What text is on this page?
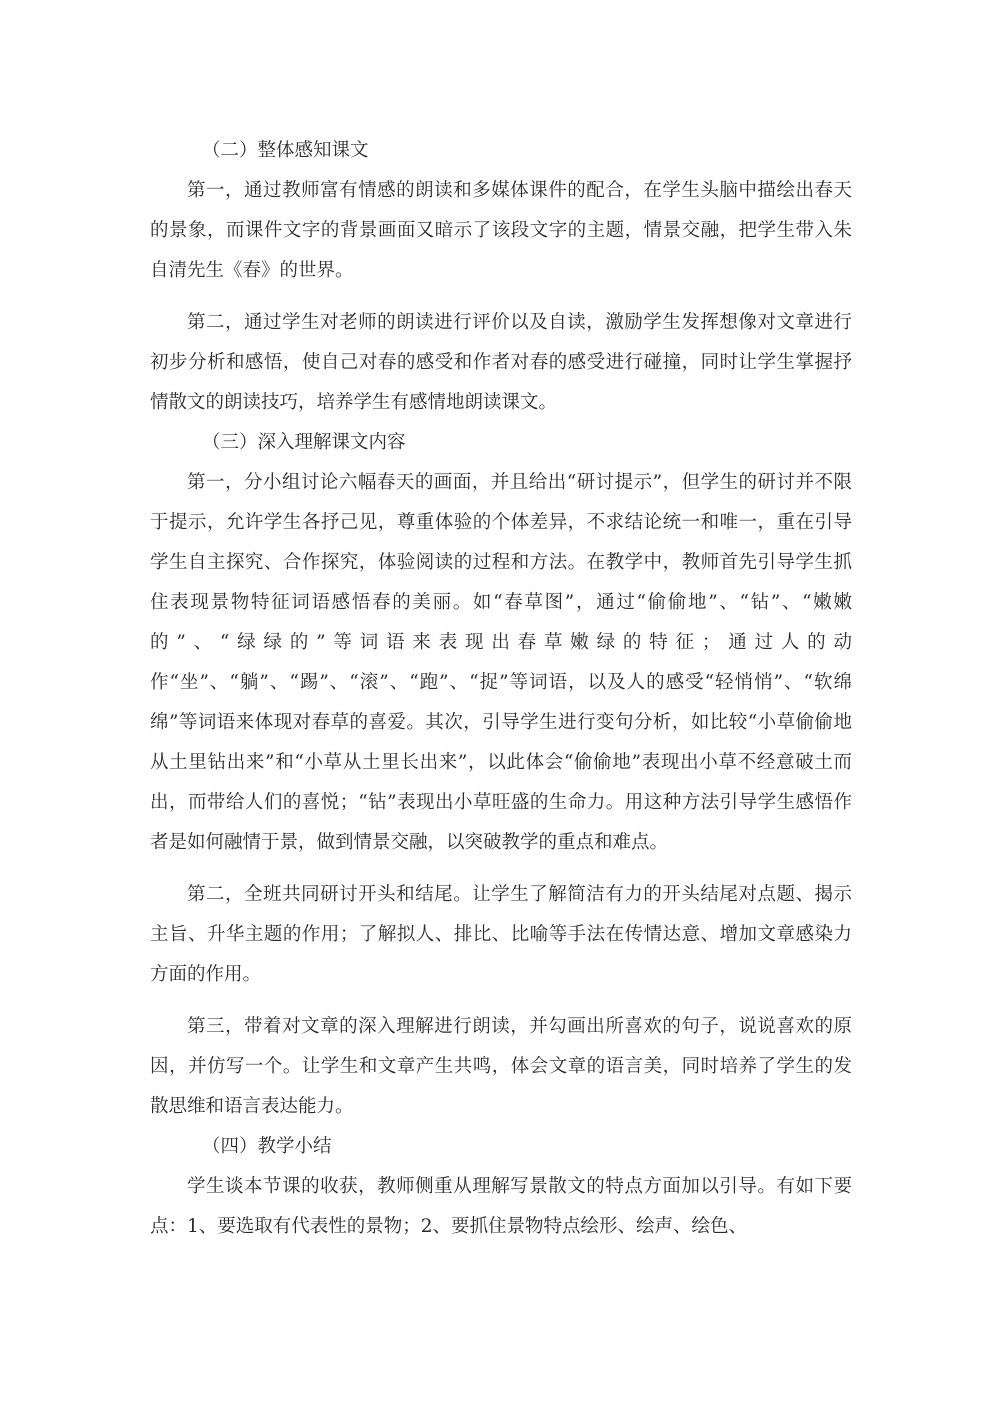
（二）整体感知课文

第一，通过教师富有情感的朗读和多媒体课件的配合，在学生头脑中描绘出春天的景象，而课件文字的背景画面又暗示了该段文字的主题，情景交融，把学生带入朱自清先生《春》的世界。

第二，通过学生对老师的朗读进行评价以及自读，激励学生发挥想像对文章进行初步分析和感悟，使自己对春的感受和作者对春的感受进行碰撞，同时让学生掌握抒情散文的朗读技巧，培养学生有感情地朗读课文。

（三）深入理解课文内容

第一，分小组讨论六幅春天的画面，并且给出“研讨提示”，但学生的研讨并不限于提示，允许学生各抒己见，尊重体验的个体差异，不求结论统一和唯一，重在引导学生自主探究、合作探究，体验阅读的过程和方法。在教学中，教师首先引导学生抓住表现景物特征词语感悟春的美丽。如“春草图”，通过“偷偷地”、“钻”、“嫩嫩的”、“绿绿的”等词语来表现出春草嫩绿的特征；通过人的动作“坐”、“躺”、“踢”、“滚”、“跑”、“捉”等词语，以及人的感受“轻悄悄”、“软绵绵”等词语来体现对春草的喜爱。其次，引导学生进行变句分析，如比较“小草偷偷地从土里钻出来”和“小草从土里长出来”，以此体会“偷偷地”表现出小草不经意破土而出，而带给人们的喜悦；“钻”表现出小草旺盛的生命力。用这种方法引导学生感悟作者是如何融情于景，做到情景交融，以突破教学的重点和难点。

第二，全班共同研讨开头和结尾。让学生了解简洁有力的开头结尾对点题、揭示主旨、升华主题的作用；了解拟人、排比、比喻等手法在传情达意、增加文章感染力方面的作用。

第三，带着对文章的深入理解进行朗读，并勾画出所喜欢的句子，说说喜欢的原因，并仿写一个。让学生和文章产生共鸣，体会文章的语言美，同时培养了学生的发散思维和语言表达能力。

（四）教学小结

学生谈本节课的收获，教师侧重从理解写景散文的特点方面加以引导。有如下要点：1、要选取有代表性的景物；2、要抓住景物特点绘形、绘声、绘色、
